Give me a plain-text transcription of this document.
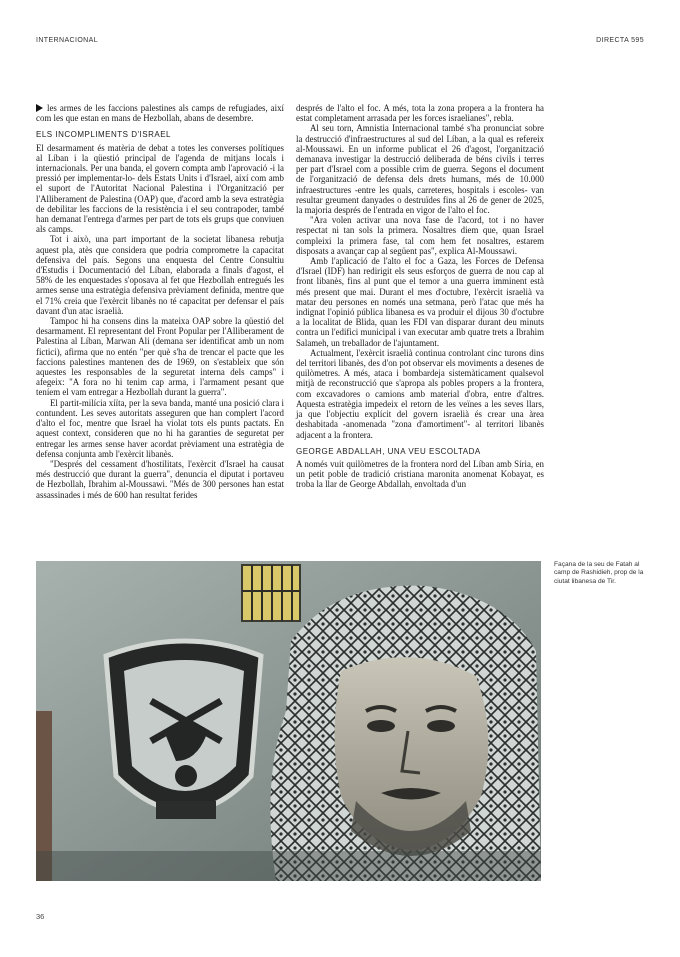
INTERNACIONAL	DIRECTA 595

les armes de les faccions palestines als camps de refugiades, així com les que estan en mans de Hezbollah, abans de desembre.

ELS INCOMPLIMENTS D'ISRAEL

El desarmament és matèria de debat a totes les converses polítiques al Líban i la qüestió principal de l'agenda de mitjans locals i internacionals. Per una banda, el govern compta amb l'aprovació -i la pressió per implementar-lo- dels Estats Units i d'Israel, així com amb el suport de l'Autoritat Nacional Palestina i l'Organització per l'Alliberament de Palestina (OAP) que, d'acord amb la seva estratègia de debilitar les faccions de la resistència i el seu contrapoder, també han demanat l'entrega d'armes per part de tots els grups que conviuen als camps.

Tot i això, una part important de la societat libanesa rebutja aquest pla, atès que considera que podria comprometre la capacitat defensiva del país. Segons una enquesta del Centre Consultiu d'Estudis i Documentació del Líban, elaborada a finals d'agost, el 58% de les enquestades s'oposava al fet que Hezbollah entregués les armes sense una estratègia defensiva prèviament definida, mentre que el 71% creia que l'exèrcit libanès no té capacitat per defensar el país davant d'un atac israelià.

Tampoc hi ha consens dins la mateixa OAP sobre la qüestió del desarmament. El representant del Front Popular per l'Alliberament de Palestina al Líban, Marwan Ali (demana ser identificat amb un nom fictici), afirma que no entén "per què s'ha de trencar el pacte que les faccions palestines mantenen des de 1969, on s'estableix que són aquestes les responsables de la seguretat interna dels camps" i afegeix: "A fora no hi tenim cap arma, i l'armament pesant que teníem el vam entregar a Hezbollah durant la guerra".

El partit-milícia xiïta, per la seva banda, manté una posició clara i contundent. Les seves autoritats asseguren que han complert l'acord d'alto el foc, mentre que Israel ha violat tots els punts pactats. En aquest context, consideren que no hi ha garanties de seguretat per entregar les armes sense haver acordat prèviament una estratègia de defensa conjunta amb l'exèrcit libanès.

"Després del cessament d'hostilitats, l'exèrcit d'Israel ha causat més destrucció que durant la guerra", denuncia el diputat i portaveu de Hezbollah, Ibrahim al-Moussawi. "Més de 300 persones han estat assassinades i més de 600 han resultat ferides

després de l'alto el foc. A més, tota la zona propera a la frontera ha estat completament arrasada per les forces israelianes", rebla.

Al seu torn, Amnistia Internacional també s'ha pronunciat sobre la destrucció d'infraestructures al sud del Líban, a la qual es refereix al-Moussawi. En un informe publicat el 26 d'agost, l'organització demanava investigar la destrucció deliberada de béns civils i terres per part d'Israel com a possible crim de guerra. Segons el document de l'organització de defensa dels drets humans, més de 10.000 infraestructures -entre les quals, carreteres, hospitals i escoles- van resultar greument danyades o destruïdes fins al 26 de gener de 2025, la majoria després de l'entrada en vigor de l'alto el foc.

"Ara volen activar una nova fase de l'acord, tot i no haver respectat ni tan sols la primera. Nosaltres diem que, quan Israel compleixi la primera fase, tal com hem fet nosaltres, estarem disposats a avançar cap al següent pas", explica Al-Moussawi.

Amb l'aplicació de l'alto el foc a Gaza, les Forces de Defensa d'Israel (IDF) han redirigit els seus esforços de guerra de nou cap al front libanès, fins al punt que el temor a una guerra imminent està més present que mai. Durant el mes d'octubre, l'exèrcit israelià va matar deu persones en només una setmana, però l'atac que més ha indignat l'opinió pública libanesa es va produir el dijous 30 d'octubre a la localitat de Blida, quan les FDI van disparar durant deu minuts contra un l'edifici municipal i van executar amb quatre trets a Ibrahim Salameh, un treballador de l'ajuntament.

Actualment, l'exèrcit israelià continua controlant cinc turons dins del territori libanès, des d'on pot observar els moviments a desenes de quilòmetres. A més, ataca i bombardeja sistemàticament qualsevol mitjà de reconstrucció que s'apropa als pobles propers a la frontera, com excavadores o camions amb material d'obra, entre d'altres. Aquesta estratègia impedeix el retorn de les veïnes a les seves llars, ja que l'objectiu explícit del govern israelià és crear una àrea deshabitada -anomenada "zona d'amortiment"- al territori libanès adjacent a la frontera.

GEORGE ABDALLAH, UNA VEU ESCOLTADA

A només vuit quilòmetres de la frontera nord del Líban amb Síria, en un petit poble de tradició cristiana maronita anomenat Kobayat, es troba la llar de George Abdallah, envoltada d'un

Façana de la seu de Fatah al camp de Rashidieh, prop de la ciutat libanesa de Tir.
36
